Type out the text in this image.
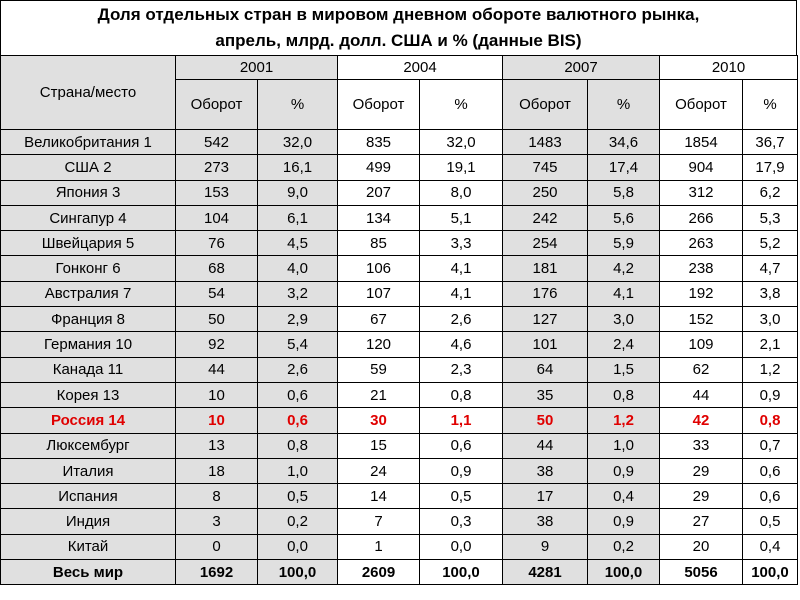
Доля отдельных стран в мировом дневном обороте валютного рынка,
апрель, млрд. долл. США и % (данные BIS)
Страна/место	2001		2004		2007		2010	
	Оборот	%	Оборот	%	Оборот	%	Оборот	%
Великобритания 1	542	32,0	835	32,0	1483	34,6	1854	36,7
США 2	273	16,1	499	19,1	745	17,4	904	17,9
Япония 3	153	9,0	207	8,0	250	5,8	312	6,2
Сингапур 4	104	6,1	134	5,1	242	5,6	266	5,3
Швейцария 5	76	4,5	85	3,3	254	5,9	263	5,2
Гонконг 6	68	4,0	106	4,1	181	4,2	238	4,7
Австралия 7	54	3,2	107	4,1	176	4,1	192	3,8
Франция 8	50	2,9	67	2,6	127	3,0	152	3,0
Германия 10	92	5,4	120	4,6	101	2,4	109	2,1
Канада 11	44	2,6	59	2,3	64	1,5	62	1,2
Корея 13	10	0,6	21	0,8	35	0,8	44	0,9
Россия 14	10	0,6	30	1,1	50	1,2	42	0,8
Люксембург	13	0,8	15	0,6	44	1,0	33	0,7
Италия	18	1,0	24	0,9	38	0,9	29	0,6
Испания	8	0,5	14	0,5	17	0,4	29	0,6
Индия	3	0,2	7	0,3	38	0,9	27	0,5
Китай	0	0,0	1	0,0	9	0,2	20	0,4
Весь мир	1692	100,0	2609	100,0	4281	100,0	5056	100,0
